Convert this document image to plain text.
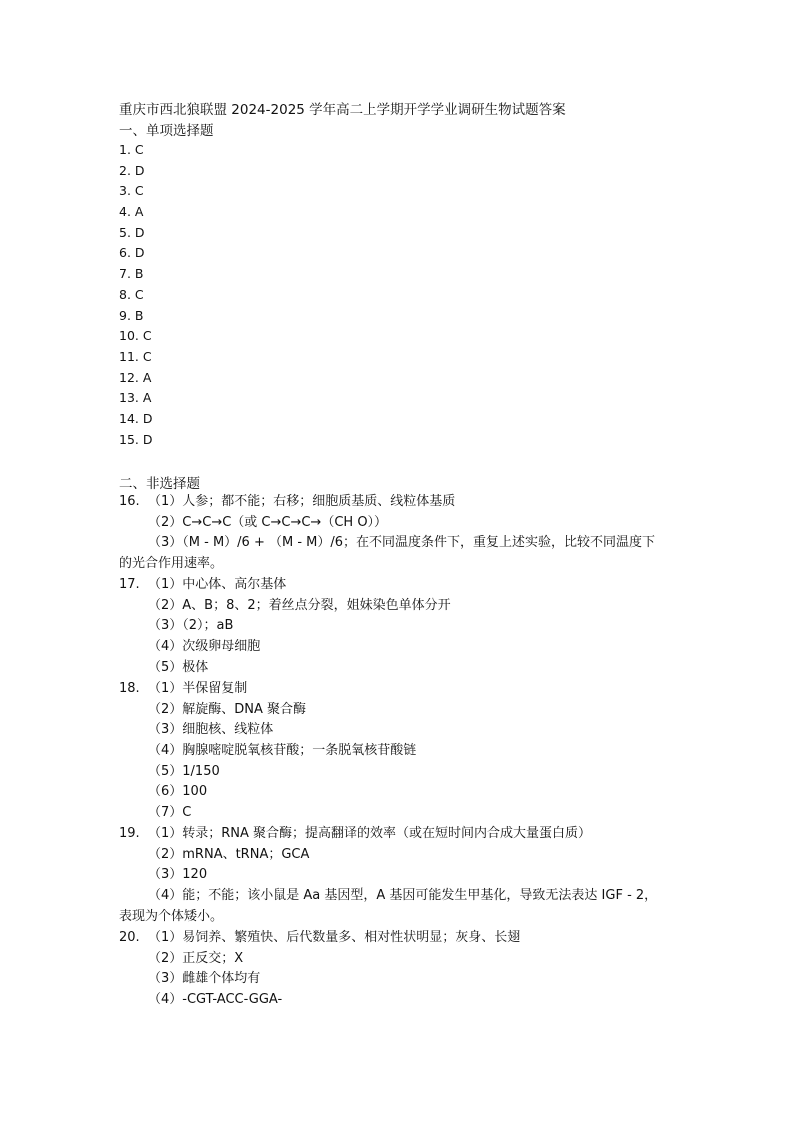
重庆市西北狼联盟 2024-2025 学年高二上学期开学学业调研生物试题答案
一、单项选择题
1. C
2. D
3. C
4. A
5. D
6. D
7. B
8. C
9. B
10. C
11. C
12. A
13. A
14. D
15. D
二、非选择题
16. （1）人参；都不能；右移；细胞质基质、线粒体基质
（2）C→C→C（或 C→C→C→（CH O））
（3）（M - M）/6 + （M - M）/6；在不同温度条件下，重复上述实验，比较不同温度下
的光合作用速率。
17. （1）中心体、高尔基体
（2）A、B；8、2；着丝点分裂，姐妹染色单体分开
（3）（2）；aB
（4）次级卵母细胞
（5）极体
18. （1）半保留复制
（2）解旋酶、DNA 聚合酶
（3）细胞核、线粒体
（4）胸腺嘧啶脱氧核苷酸；一条脱氧核苷酸链
（5）1/150
（6）100
（7）C
19. （1）转录；RNA 聚合酶；提高翻译的效率（或在短时间内合成大量蛋白质）
（2）mRNA、tRNA；GCA
（3）120
（4）能；不能；该小鼠是 Aa 基因型，A 基因可能发生甲基化，导致无法表达 IGF - 2，
表现为个体矮小。
20. （1）易饲养、繁殖快、后代数量多、相对性状明显；灰身、长翅
（2）正反交；X
（3）雌雄个体均有
（4）-CGT-ACC-GGA-
